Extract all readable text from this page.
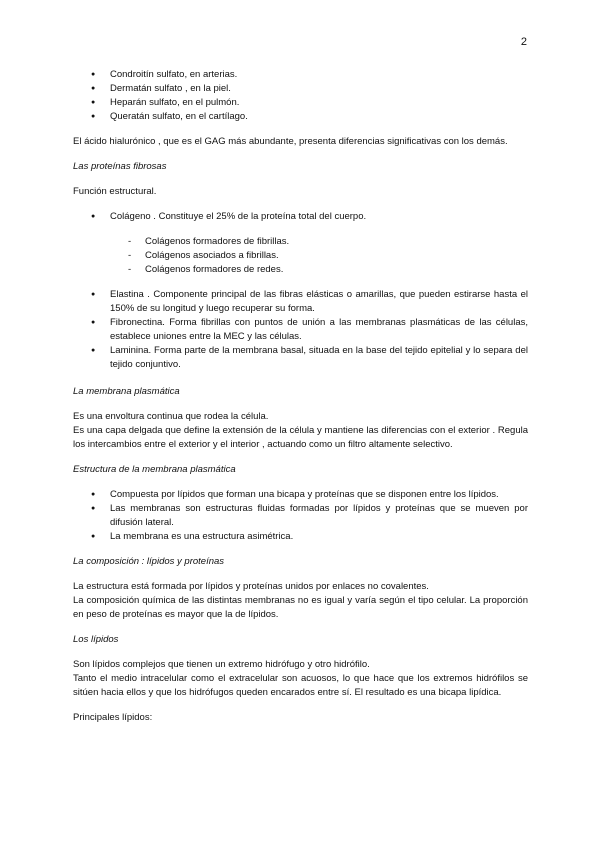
2
● Condroitín sulfato, en arterias.
● Dermatán sulfato , en la piel.
● Heparán sulfato, en el pulmón.
● Queratán sulfato, en el cartílago.

El ácido hialurónico , que es el GAG más abundante, presenta diferencias significativas con los demás.

Las proteínas fibrosas

Función estructural.

● Colágeno . Constituye el 25% de la proteína total del cuerpo.
- Colágenos formadores de fibrillas.
- Colágenos asociados a fibrillas.
- Colágenos formadores de redes.
● Elastina . Componente principal de las fibras elásticas o amarillas, que pueden estirarse hasta el 150% de su longitud y luego recuperar su forma.
● Fibronectina. Forma fibrillas con puntos de unión a las membranas plasmáticas de las células, establece uniones entre la MEC y las células.
● Laminina. Forma parte de la membrana basal, situada en la base del tejido epitelial y lo separa del tejido conjuntivo.

La membrana plasmática

Es una envoltura continua que rodea la célula.

Es una capa delgada que define la extensión de la célula y mantiene las diferencias con el exterior . Regula los intercambios entre el exterior y el interior , actuando como un filtro altamente selectivo.

Estructura de la membrana plasmática

● Compuesta por lípidos que forman una bicapa y proteínas que se disponen entre los lípidos.
● Las membranas son estructuras fluidas formadas por lípidos y proteínas que se mueven por difusión lateral.
● La membrana es una estructura asimétrica.

La composición : lípidos y proteínas

La estructura está formada por lípidos y proteínas unidos por enlaces no covalentes.

La composición química de las distintas membranas no es igual y varía según el tipo celular. La proporción en peso de proteínas es mayor que la de lípidos.

Los lípidos

Son lípidos complejos que tienen un extremo hidrófugo y otro hidrófilo.

Tanto el medio intracelular como el extracelular son acuosos, lo que hace que los extremos hidrófilos se sitúen hacia ellos y que los hidrófugos queden encarados entre sí. El resultado es una bicapa lipídica.

Principales lípidos:
